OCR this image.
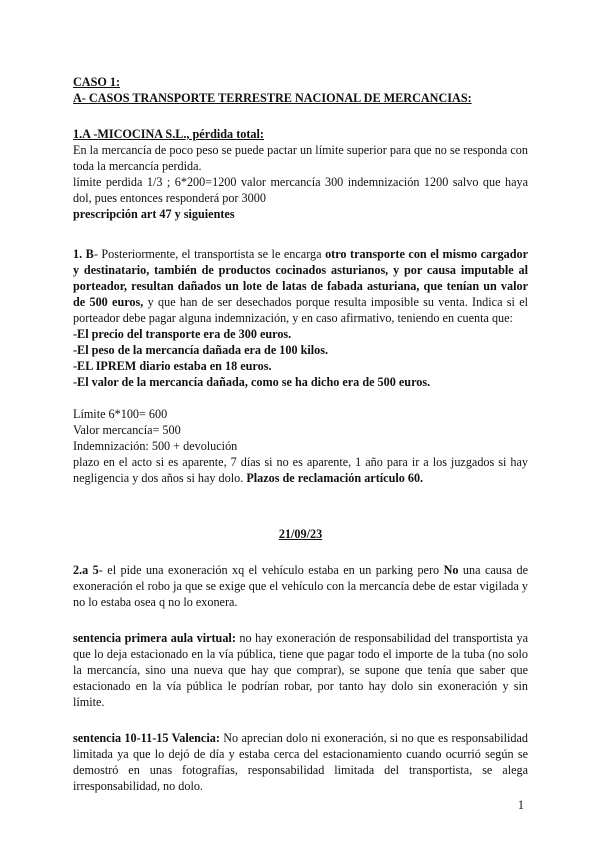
CASO 1:

A- CASOS TRANSPORTE TERRESTRE NACIONAL DE MERCANCIAS:

1.A -MICOCINA S.L., pérdida total:

En la mercancía de poco peso se puede pactar un límite superior para que no se responda con toda la mercancía perdida.

límite perdida 1/3 ; 6*200=1200 valor mercancía 300 indemnización 1200 salvo que haya dol, pues entonces responderá por 3000

prescripción art 47 y siguientes

1. B- Posteriormente, el transportista se le encarga otro transporte con el mismo cargador y destinatario, también de productos cocinados asturianos, y por causa imputable al porteador, resultan dañados un lote de latas de fabada asturiana, que tenían un valor de 500 euros, y que han de ser desechados porque resulta imposible su venta. Indica si el porteador debe pagar alguna indemnización, y en caso afirmativo, teniendo en cuenta que:

-El precio del transporte era de 300 euros.

-El peso de la mercancía dañada era de 100 kilos.

-EL IPREM diario estaba en 18 euros.

-El valor de la mercancía dañada, como se ha dicho era de 500 euros.

Límite 6*100= 600

Valor mercancía= 500

Indemnización: 500 + devolución

plazo en el acto si es aparente, 7 días si no es aparente, 1 año para ir a los juzgados si hay negligencia y dos años si hay dolo. Plazos de reclamación artículo 60.

21/09/23

2.a 5- el pide una exoneración xq el vehículo estaba en un parking pero No una causa de exoneración el robo ja que se exige que el vehículo con la mercancía debe de estar vigilada y no lo estaba osea q no lo exonera.

sentencia primera aula virtual: no hay exoneración de responsabilidad del transportista ya que lo deja estacionado en la vía pública, tiene que pagar todo el importe de la tuba (no solo la mercancía, sino una nueva que hay que comprar), se supone que tenía que saber que estacionado en la vía pública le podrían robar, por tanto hay dolo sin exoneración y sin límite.

sentencia 10-11-15 Valencia: No aprecian dolo ni exoneración, si no que es responsabilidad limitada ya que lo dejó de día y estaba cerca del estacionamiento cuando ocurrió según se demostró en unas fotografías, responsabilidad limitada del transportista, se alega irresponsabilidad, no dolo.

1
